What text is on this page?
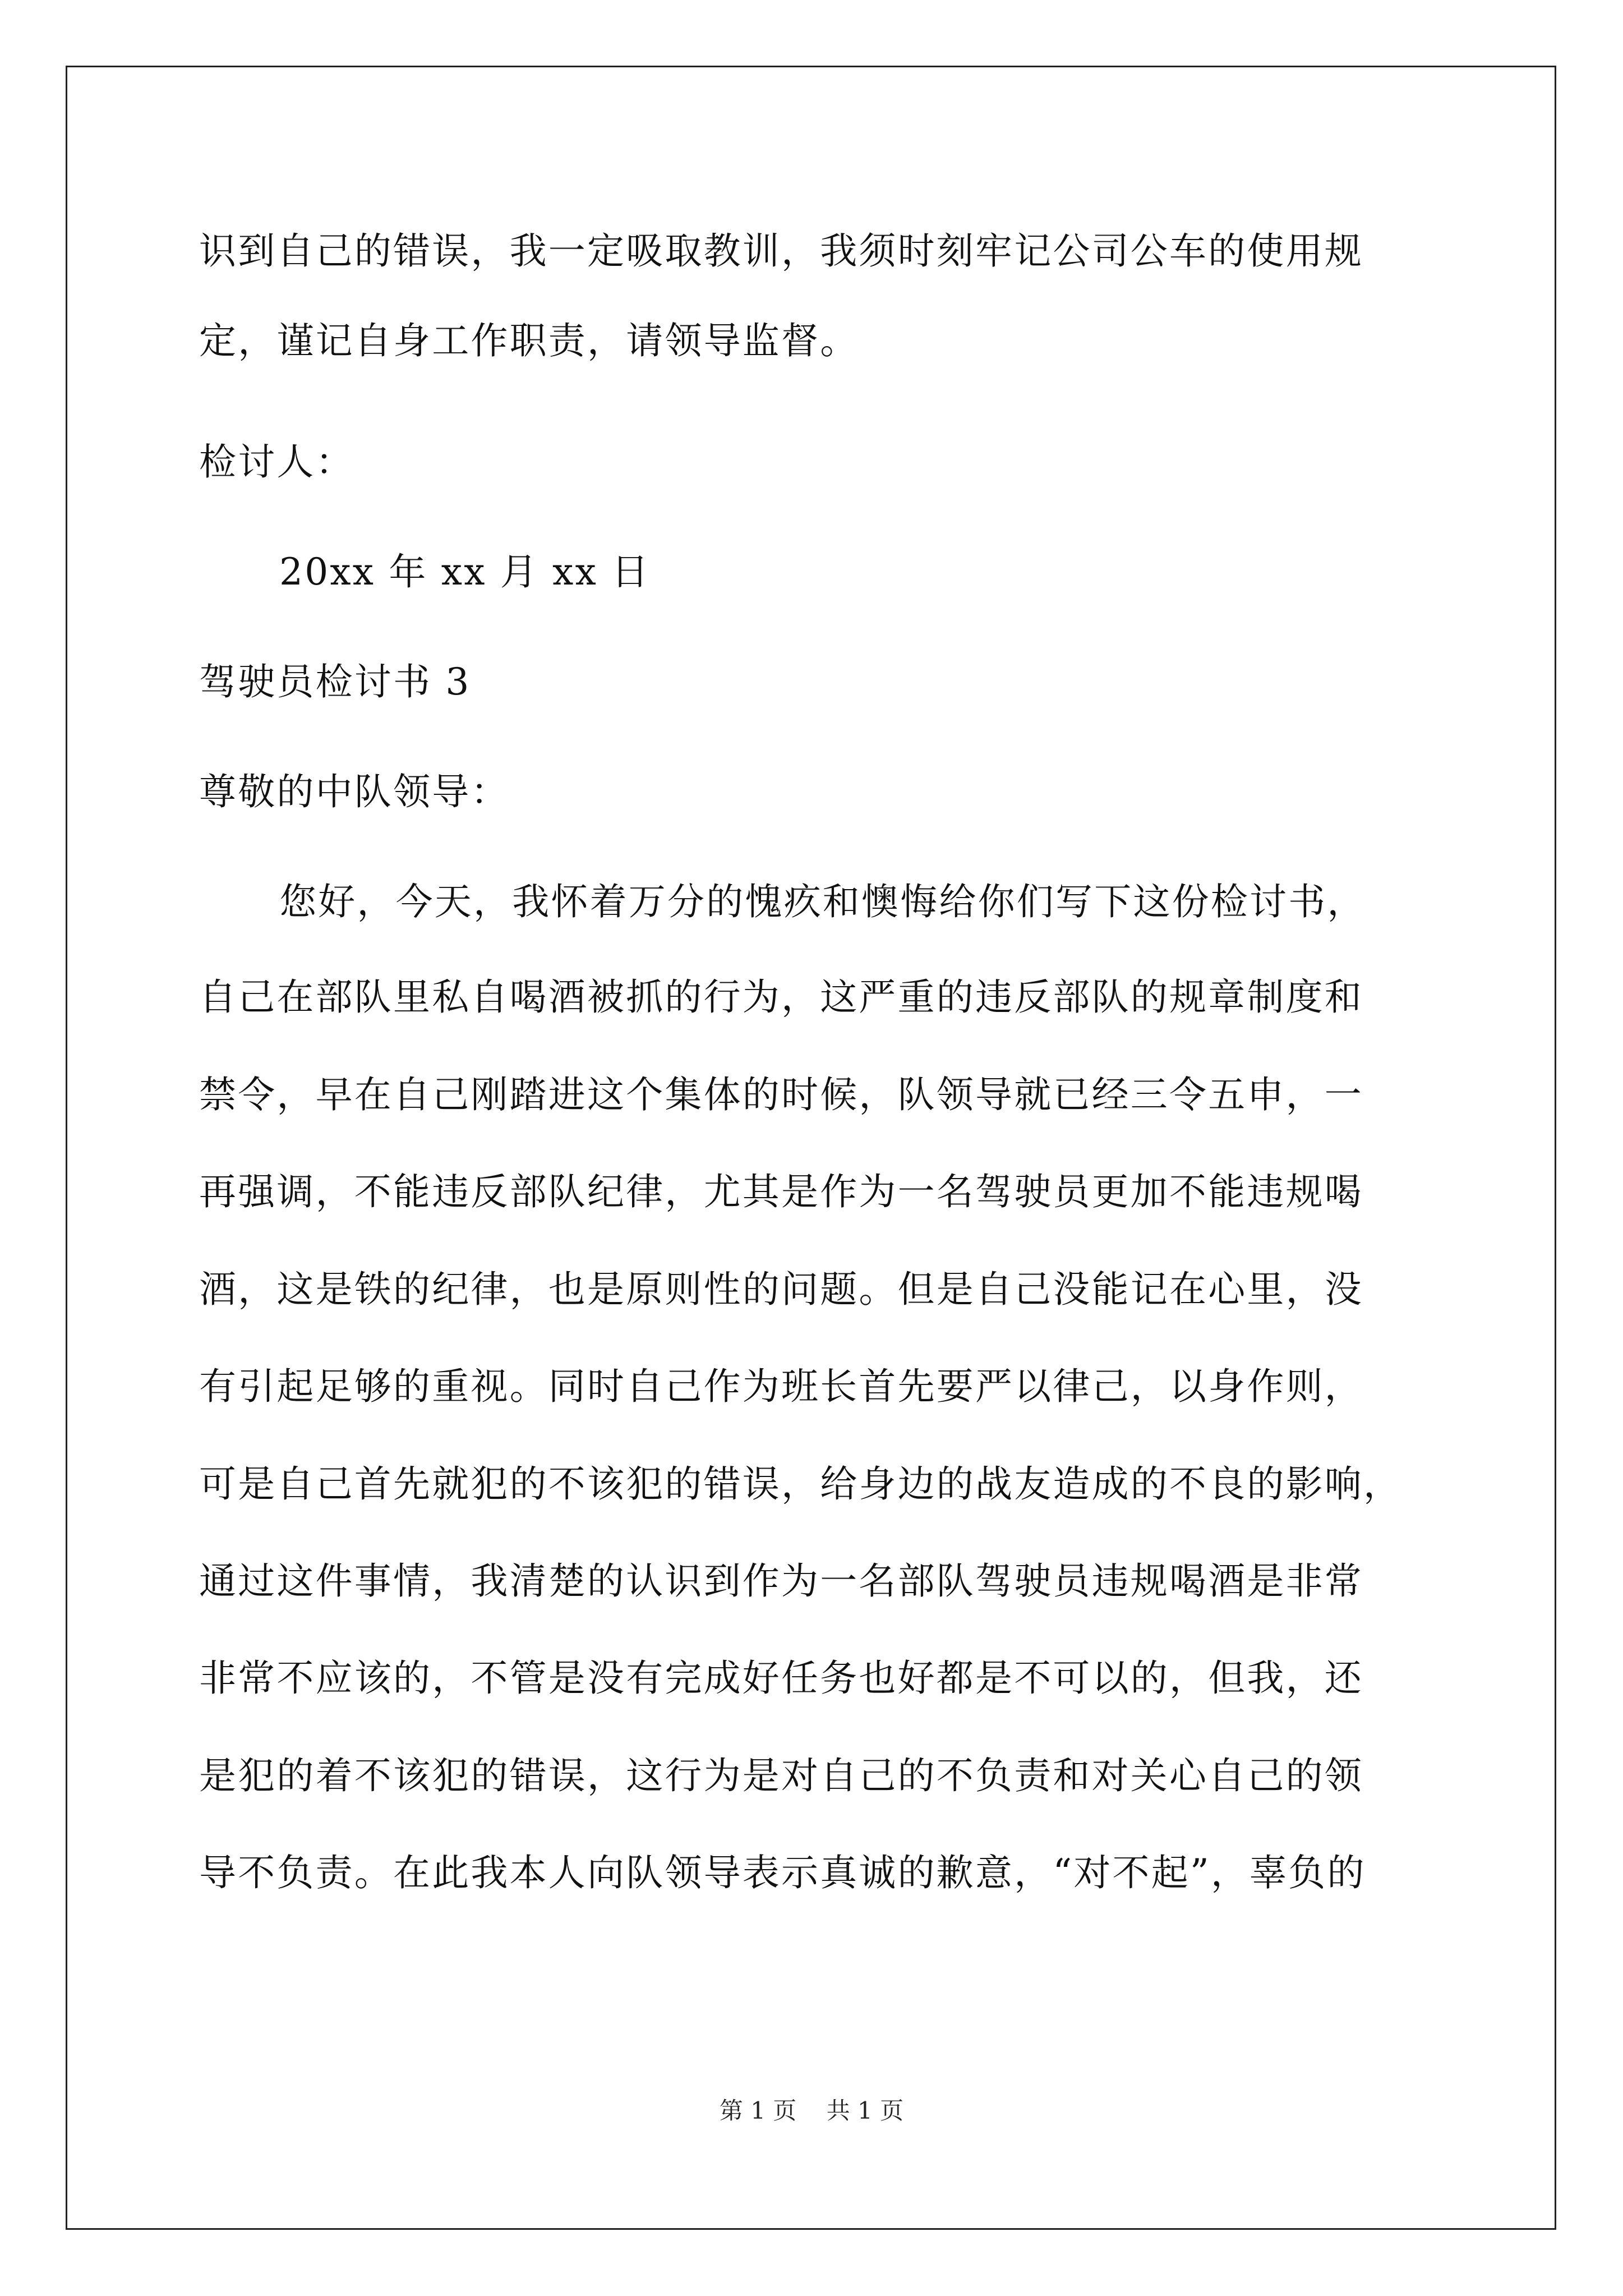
识到自己的错误，我一定吸取教训，我须时刻牢记公司公车的使用规
定，谨记自身工作职责，请领导监督。
检讨人：
20xx 年 xx 月 xx 日
驾驶员检讨书 3
尊敬的中队领导：
您好，今天，我怀着万分的愧疚和懊悔给你们写下这份检讨书，
自己在部队里私自喝酒被抓的行为，这严重的违反部队的规章制度和
禁令，早在自己刚踏进这个集体的时候，队领导就已经三令五申，一
再强调，不能违反部队纪律，尤其是作为一名驾驶员更加不能违规喝
酒，这是铁的纪律，也是原则性的问题。但是自己没能记在心里，没
有引起足够的重视。同时自己作为班长首先要严以律己，以身作则，
可是自己首先就犯的不该犯的错误，给身边的战友造成的不良的影响，
通过这件事情，我清楚的认识到作为一名部队驾驶员违规喝酒是非常
非常不应该的，不管是没有完成好任务也好都是不可以的，但我，还
是犯的着不该犯的错误，这行为是对自己的不负责和对关心自己的领
导不负责。在此我本人向队领导表示真诚的歉意，“对不起”，辜负的
第 1 页    共 1 页
